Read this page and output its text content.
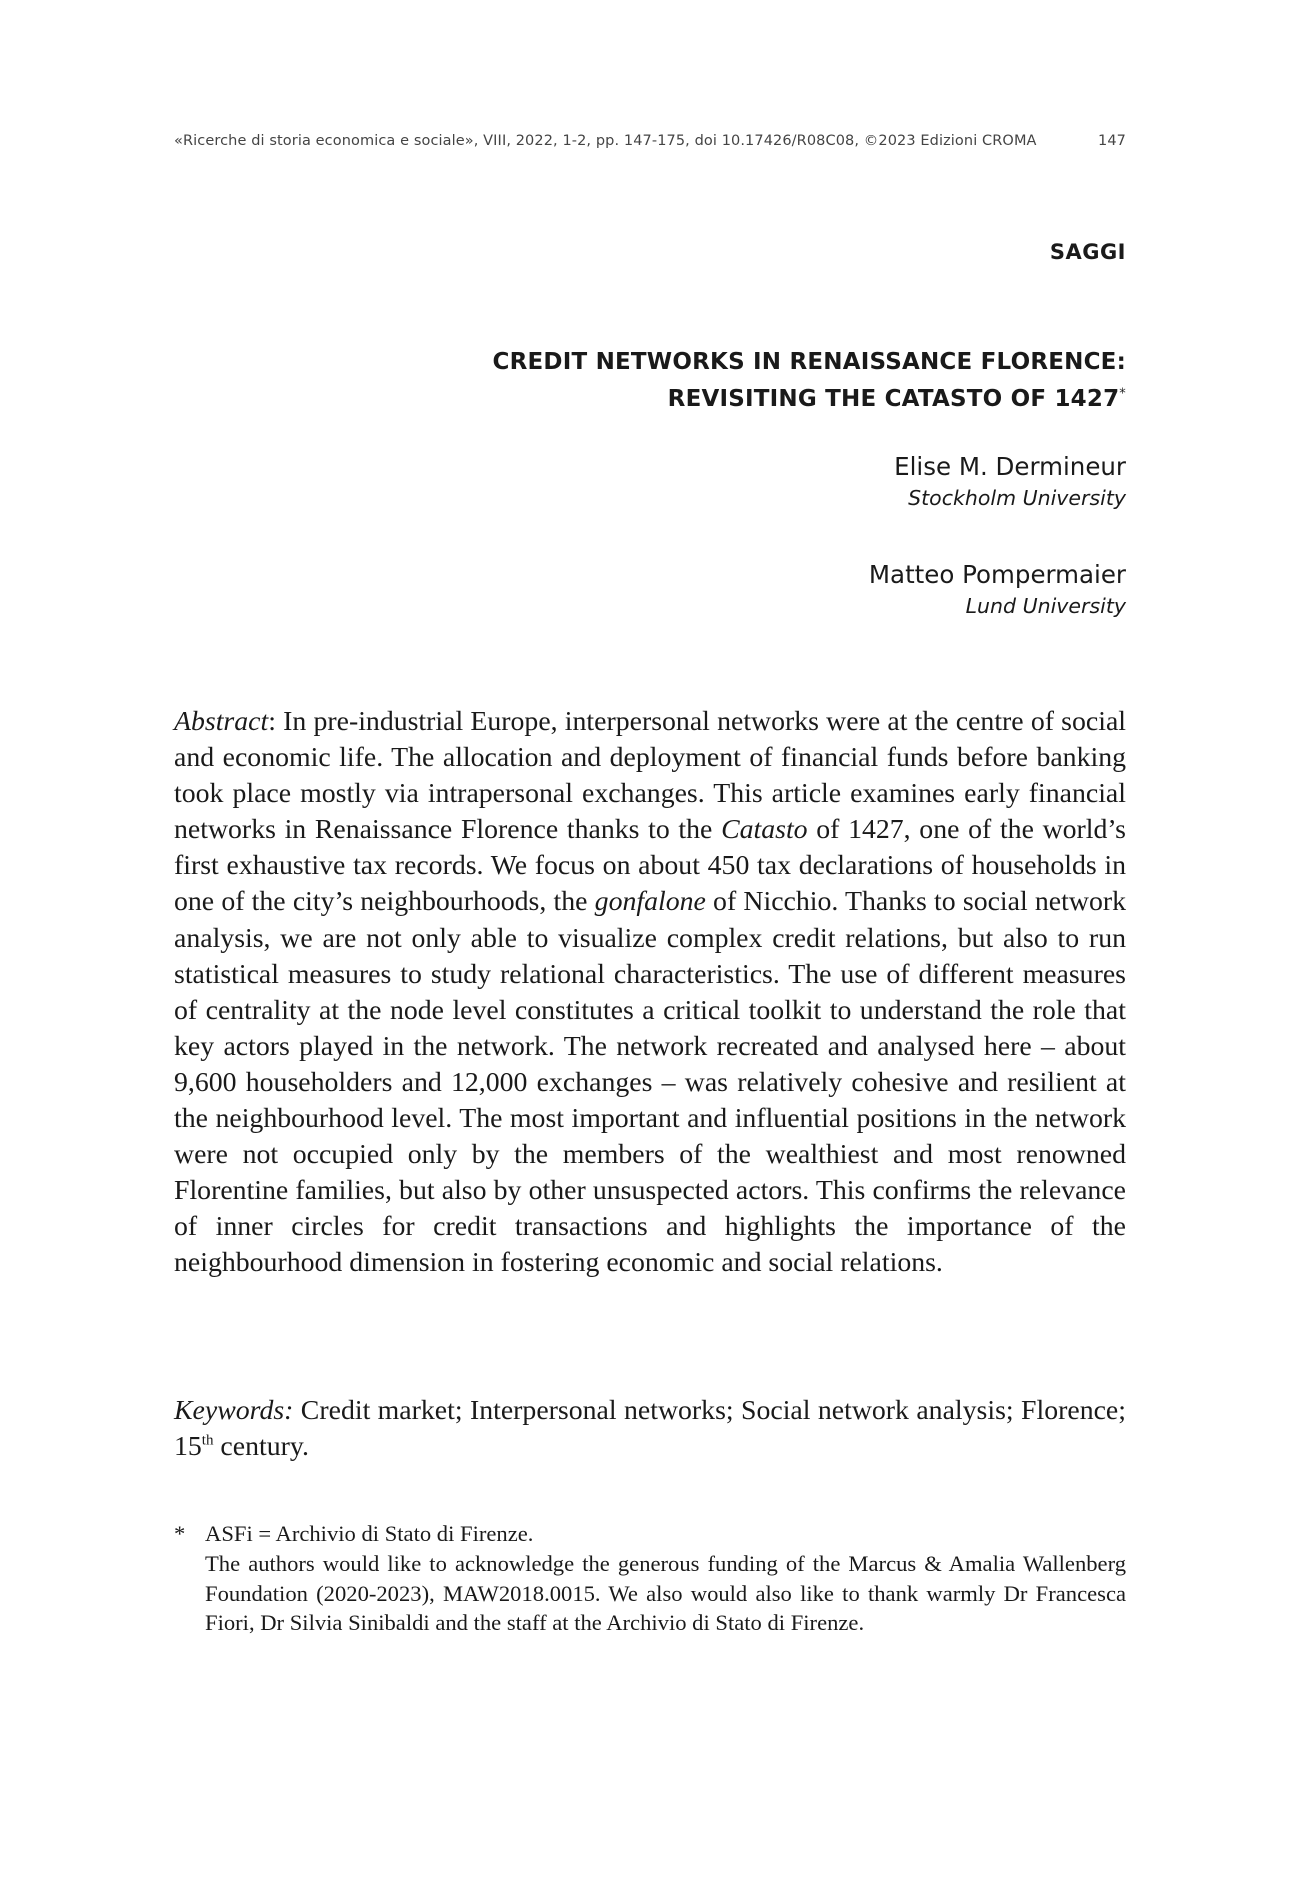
«Ricerche di storia economica e sociale», VIII, 2022, 1-2, pp. 147-175, doi 10.17426/R08C08, ©2023 Edizioni CROMA	147
SAGGI
CREDIT NETWORKS IN RENAISSANCE FLORENCE:
REVISITING THE CATASTO OF 1427*
Elise M. Dermineur
Stockholm University
Matteo Pompermaier
Lund University
Abstract: In pre-industrial Europe, interpersonal networks were at the centre of social and economic life. The allocation and deployment of financial funds before banking took place mostly via intrapersonal exchanges. This article examines early financial networks in Renaissance Florence thanks to the Catasto of 1427, one of the world’s first exhaustive tax records. We focus on about 450 tax declarations of households in one of the city’s neighbourhoods, the gonfalone of Nicchio. Thanks to social network analysis, we are not only able to visualize complex credit relations, but also to run statistical measures to study relational characteristics. The use of different measures of centrality at the node level constitutes a critical toolkit to understand the role that key actors played in the network. The network recreated and analysed here – about 9,600 householders and 12,000 exchanges – was relatively cohesive and resilient at the neighbourhood level. The most important and influential positions in the network were not occupied only by the members of the wealthiest and most renowned Florentine families, but also by other unsuspected actors. This confirms the relevance of inner circles for credit transactions and highlights the importance of the neighbourhood dimension in fostering economic and social relations.
Keywords: Credit market; Interpersonal networks; Social network analysis; Florence; 15th century.
* ASFi = Archivio di Stato di Firenze.
The authors would like to acknowledge the generous funding of the Marcus & Amalia Wallenberg Foundation (2020-2023), MAW2018.0015. We also would also like to thank warmly Dr Francesca Fiori, Dr Silvia Sinibaldi and the staff at the Archivio di Stato di Firenze.
